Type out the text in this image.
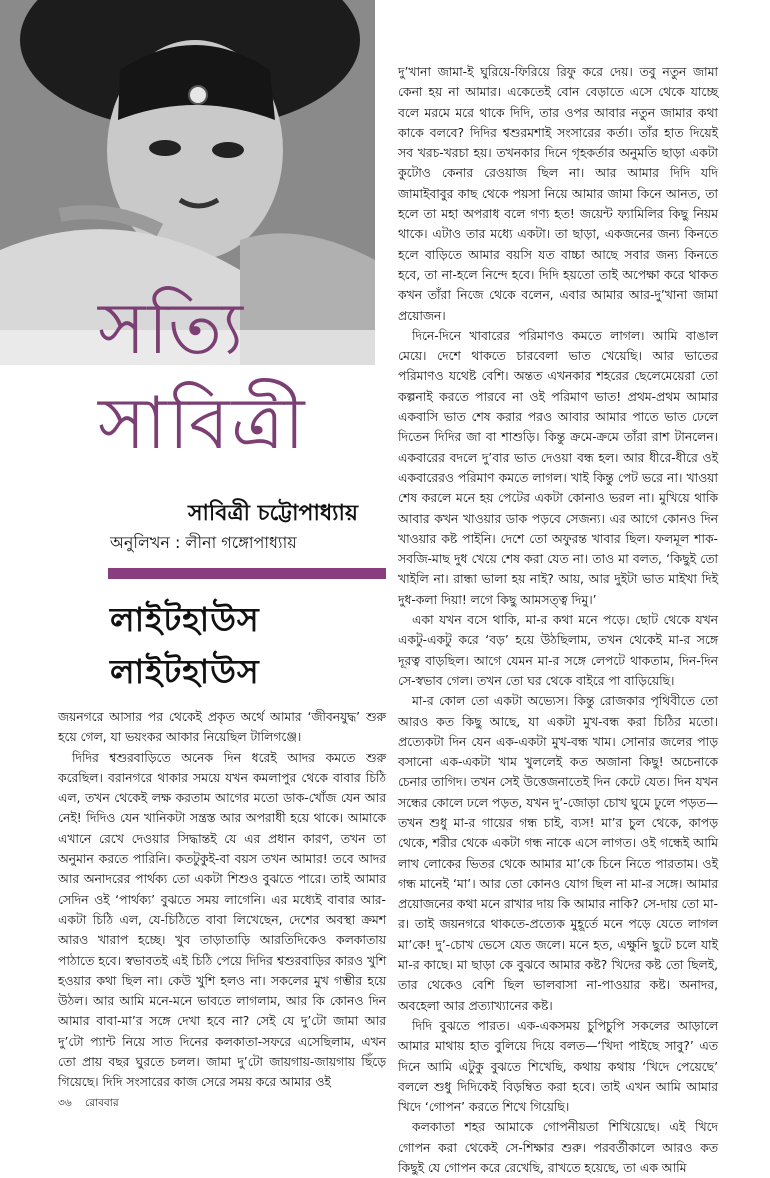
সত্যি
সাবিত্রী
সাবিত্রী চট্টোপাধ্যায়
অনুলিখন : লীনা গঙ্গোপাধ্যায়
লাইটহাউস
লাইটহাউস

জয়নগরে আসার পর থেকেই প্রকৃত অর্থে আমার ‘জীবনযুদ্ধ’ শুরু হয়ে গেল, যা ভয়ংকর আকার নিয়েছিল টালিগঞ্জে।

দিদির শ্বশুরবাড়িতে অনেক দিন ধরেই আদর কমতে শুরু করেছিল। বরানগরে থাকার সময়ে যখন কমলাপুর থেকে বাবার চিঠি এল, তখন থেকেই লক্ষ করতাম আগের মতো ডাক-খোঁজ যেন আর নেই! দিদিও যেন খানিকটা সন্ত্রস্ত আর অপরাধী হয়ে থাকে। আমাকে এখানে রেখে দেওয়ার সিদ্ধান্তই যে এর প্রধান কারণ, তখন তা অনুমান করতে পারিনি। কতটুকুই-বা বয়স তখন আমার! তবে আদর আর অনাদরের পার্থক্য তো একটা শিশুও বুঝতে পারে। তাই আমার সেদিন ওই ‘পার্থক্য’ বুঝতে সময় লাগেনি। এর মধ্যেই বাবার আর-একটা চিঠি এল, যে-চিঠিতে বাবা লিখেছেন, দেশের অবস্থা ক্রমশ আরও খারাপ হচ্ছে। খুব তাড়াতাড়ি আরতিদিকেও কলকাতায় পাঠাতে হবে। স্বভাবতই এই চিঠি পেয়ে দিদির শ্বশুরবাড়ির কারও খুশি হওয়ার কথা ছিল না। কেউ খুশি হলও না। সকলের মুখ গম্ভীর হয়ে উঠল। আর আমি মনে-মনে ভাবতে লাগলাম, আর কি কোনও দিন আমার বাবা-মা’র সঙ্গে দেখা হবে না? সেই যে দু’টো জামা আর দু’টো প্যান্ট নিয়ে সাত দিনের কলকাতা-সফরে এসেছিলাম, এখন তো প্রায় বছর ঘুরতে চলল। জামা দু’টো জায়গায়-জায়গায় ছিঁড়ে গিয়েছে। দিদি সংসারের কাজ সেরে সময় করে আমার ওই

দু’খানা জামা-ই ঘুরিয়ে-ফিরিয়ে রিফু করে দেয়। তবু নতুন জামা কেনা হয় না আমার। একেতেই বোন বেড়াতে এসে থেকে যাচ্ছে বলে মরমে মরে থাকে দিদি, তার ওপর আবার নতুন জামার কথা কাকে বলবে? দিদির শ্বশুরমশাই সংসারের কর্তা। তাঁর হাত দিয়েই সব খরচ-খরচা হয়। তখনকার দিনে গৃহকর্তার অনুমতি ছাড়া একটা কুটোও কেনার রেওয়াজ ছিল না। আর আমার দিদি যদি জামাইবাবুর কাছ থেকে পয়সা নিয়ে আমার জামা কিনে আনত, তা হলে তা মহা অপরাধ বলে গণ্য হত! জয়েন্ট ফ্যামিলির কিছু নিয়ম থাকে। এটাও তার মধ্যে একটা। তা ছাড়া, একজনের জন্য কিনতে হলে বাড়িতে আমার বয়সি যত বাচ্চা আছে সবার জন্য কিনতে হবে, তা না-হলে নিন্দে হবে। দিদি হয়তো তাই অপেক্ষা করে থাকত কখন তাঁরা নিজে থেকে বলেন, এবার আমার আর-দু’খানা জামা প্রয়োজন।

দিনে-দিনে খাবারের পরিমাণও কমতে লাগল। আমি বাঙাল মেয়ে। দেশে থাকতে চারবেলা ভাত খেয়েছি। আর ভাতের পরিমাণও যথেষ্ট বেশি। অন্তত এখনকার শহরের ছেলেমেয়েরা তো কল্পনাই করতে পারবে না ওই পরিমাণ ভাত! প্রথম-প্রথম আমার একবাসি ভাত শেষ করার পরও আবার আমার পাতে ভাত ঢেলে দিতেন দিদির জা বা শাশুড়ি। কিন্তু ক্রমে-ক্রমে তাঁরা রাশ টানলেন। একবারের বদলে দু’বার ভাত দেওয়া বন্ধ হল। আর ধীরে-ধীরে ওই একবারেরও পরিমাণ কমতে লাগল। খাই কিন্তু পেট ভরে না। খাওয়া শেষ করলে মনে হয় পেটের একটা কোনাও ভরল না। মুখিয়ে থাকি আবার কখন খাওয়ার ডাক পড়বে সেজন্য। এর আগে কোনও দিন খাওয়ার কষ্ট পাইনি। দেশে তো অফুরন্ত খাবার ছিল। ফলমূল শাক-সবজি-মাছ দুধ খেয়ে শেষ করা যেত না। তাও মা বলত, ‘কিছুই তো খাইলি না। রান্ধা ভালা হয় নাই? আয়, আর দুইটা ভাত মাইখা দিই দুধ-কলা দিয়া! লগে কিছু আমসত্ত্ব দিমু।’

একা যখন বসে থাকি, মা-র কথা মনে পড়ে। ছোট থেকে যখন একটু-একটু করে ‘বড়’ হয়ে উঠছিলাম, তখন থেকেই মা-র সঙ্গে দূরত্ব বাড়ছিল। আগে যেমন মা-র সঙ্গে লেপটে থাকতাম, দিন-দিন সে-স্বভাব গেল। তখন তো ঘর থেকে বাইরে পা বাড়িয়েছি।

মা-র কোল তো একটা অভ্যেস। কিন্তু রোজকার পৃথিবীতে তো আরও কত কিছু আছে, যা একটা মুখ-বন্ধ করা চিঠির মতো। প্রত্যেকটা দিন যেন এক-একটা মুখ-বন্ধ খাম। সোনার জলের পাড় বসানো এক-একটা খাম খুললেই কত অজানা কিছু! অচেনাকে চেনার তাগিদ। তখন সেই উত্তেজনাতেই দিন কেটে যেত। দিন যখন সন্ধের কোলে ঢলে পড়ত, যখন দু’-জোড়া চোখ ঘুমে ঢুলে পড়ত—তখন শুধু মা-র গায়ের গন্ধ চাই, ব্যস! মা’র চুল থেকে, কাপড় থেকে, শরীর থেকে একটা গন্ধ নাকে এসে লাগত। ওই গন্ধেই আমি লাখ লোকের ভিতর থেকে আমার মা’কে চিনে নিতে পারতাম। ওই গন্ধ মানেই ‘মা’। আর তো কোনও যোগ ছিল না মা-র সঙ্গে। আমার প্রয়োজনের কথা মনে রাখার দায় কি আমার নাকি? সে-দায় তো মা-র। তাই জয়নগরে থাকতে-প্রত্যেক মুহূর্তে মনে পড়ে যেতে লাগল মা’কে! দু’-চোখ ভেসে যেত জলে। মনে হত, এক্ষুনি ছুটে চলে যাই মা-র কাছে। মা ছাড়া কে বুঝবে আমার কষ্ট? খিদের কষ্ট তো ছিলই, তার থেকেও বেশি ছিল ভালবাসা না-পাওয়ার কষ্ট। অনাদর, অবহেলা আর প্রত্যাখ্যানের কষ্ট।

দিদি বুঝতে পারত। এক-একসময় চুপিচুপি সকলের আড়ালে আমার মাথায় হাত বুলিয়ে দিয়ে বলত—‘খিদা পাইছে সাবু?’ এত দিনে আমি এটুকু বুঝতে শিখেছি, কথায় কথায় ‘খিদে পেয়েছে’ বললে শুধু দিদিকেই বিড়ম্বিত করা হবে। তাই এখন আমি আমার খিদে ‘গোপন’ করতে শিখে গিয়েছি।

কলকাতা শহর আমাকে গোপনীয়তা শিখিয়েছে। এই খিদে গোপন করা থেকেই সে-শিক্ষার শুরু। পরবর্তীকালে আরও কত কিছুই যে গোপন করে রেখেছি, রাখতে হয়েছে, তা এক আমি

৩৬ রোববার
